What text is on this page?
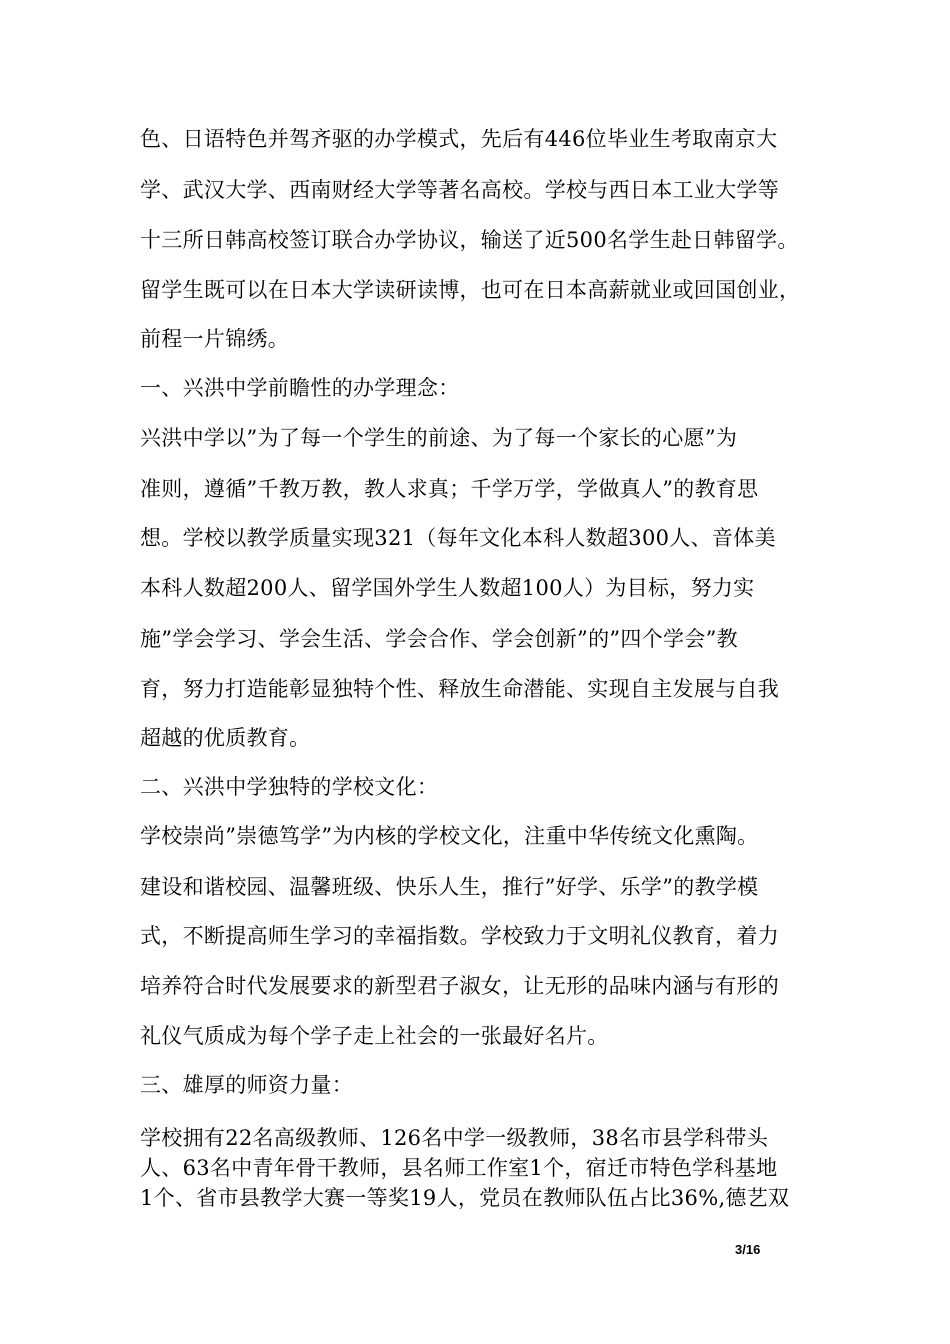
色、日语特色并驾齐驱的办学模式，先后有446位毕业生考取南京大
学、武汉大学、西南财经大学等著名高校。学校与西日本工业大学等
十三所日韩高校签订联合办学协议，输送了近500名学生赴日韩留学。
留学生既可以在日本大学读研读博，也可在日本高薪就业或回国创业，
前程一片锦绣。
一、兴洪中学前瞻性的办学理念：
兴洪中学以”为了每一个学生的前途、为了每一个家长的心愿”为
准则，遵循”千教万教，教人求真；千学万学，学做真人”的教育思
想。学校以教学质量实现321（每年文化本科人数超300人、音体美
本科人数超200人、留学国外学生人数超100人）为目标，努力实
施”学会学习、学会生活、学会合作、学会创新”的”四个学会”教
育，努力打造能彰显独特个性、释放生命潜能、实现自主发展与自我
超越的优质教育。
二、兴洪中学独特的学校文化：
学校崇尚”崇德笃学”为内核的学校文化，注重中华传统文化熏陶。
建设和谐校园、温馨班级、快乐人生，推行”好学、乐学”的教学模
式，不断提高师生学习的幸福指数。学校致力于文明礼仪教育，着力
培养符合时代发展要求的新型君子淑女，让无形的品味内涵与有形的
礼仪气质成为每个学子走上社会的一张最好名片。
三、雄厚的师资力量：
学校拥有22名高级教师、126名中学一级教师，38名市县学科带头
人、63名中青年骨干教师，县名师工作室1个，宿迁市特色学科基地
1个、省市县教学大赛一等奖19人，党员在教师队伍占比36%,德艺双
3/16
